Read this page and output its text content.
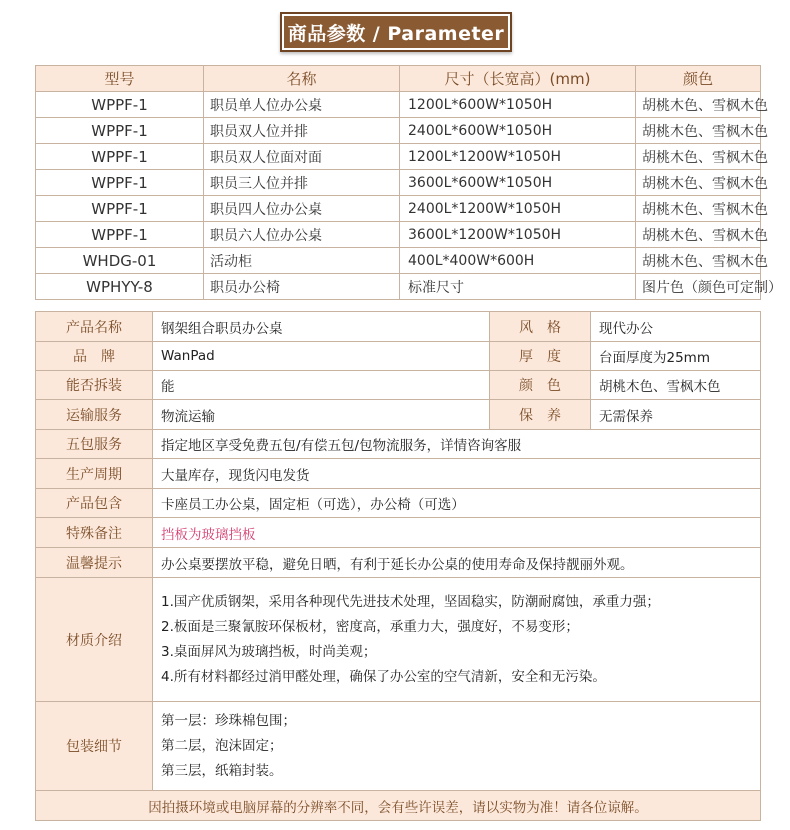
商品参数 / Parameter
型号	名称	尺寸（长宽高）(mm)	颜色
WPPF-1	职员单人位办公桌	1200L*600W*1050H	胡桃木色、雪枫木色
WPPF-1	职员双人位并排	2400L*600W*1050H	胡桃木色、雪枫木色
WPPF-1	职员双人位面对面	1200L*1200W*1050H	胡桃木色、雪枫木色
WPPF-1	职员三人位并排	3600L*600W*1050H	胡桃木色、雪枫木色
WPPF-1	职员四人位办公桌	2400L*1200W*1050H	胡桃木色、雪枫木色
WPPF-1	职员六人位办公桌	3600L*1200W*1050H	胡桃木色、雪枫木色
WHDG-01	活动柜	400L*400W*600H	胡桃木色、雪枫木色
WPHYY-8	职员办公椅	标准尺寸	图片色（颜色可定制）
产品名称	钢架组合职员办公桌	风　格	现代办公
品　牌	WanPad	厚　度	台面厚度为25mm
能否拆装	能	颜　色	胡桃木色、雪枫木色
运输服务	物流运输	保　养	无需保养
五包服务	指定地区享受免费五包/有偿五包/包物流服务，详情咨询客服		
生产周期	大量库存，现货闪电发货		
产品包含	卡座员工办公桌，固定柜（可选），办公椅（可选）		
特殊备注	挡板为玻璃挡板		
温馨提示	办公桌要摆放平稳，避免日晒，有利于延长办公桌的使用寿命及保持靓丽外观。		
材质介绍	1.国产优质钢架，采用各种现代先进技术处理，坚固稳实，防潮耐腐蚀，承重力强；
2.板面是三聚氰胺环保板材，密度高，承重力大，强度好，不易变形；
3.桌面屏风为玻璃挡板，时尚美观；
4.所有材料都经过消甲醛处理，确保了办公室的空气清新，安全和无污染。		

包装细节	第一层：珍珠棉包围；
第二层，泡沫固定；
第三层，纸箱封装。		

因拍摄环境或电脑屏幕的分辨率不同，会有些许误差，请以实物为准！请各位谅解。			
